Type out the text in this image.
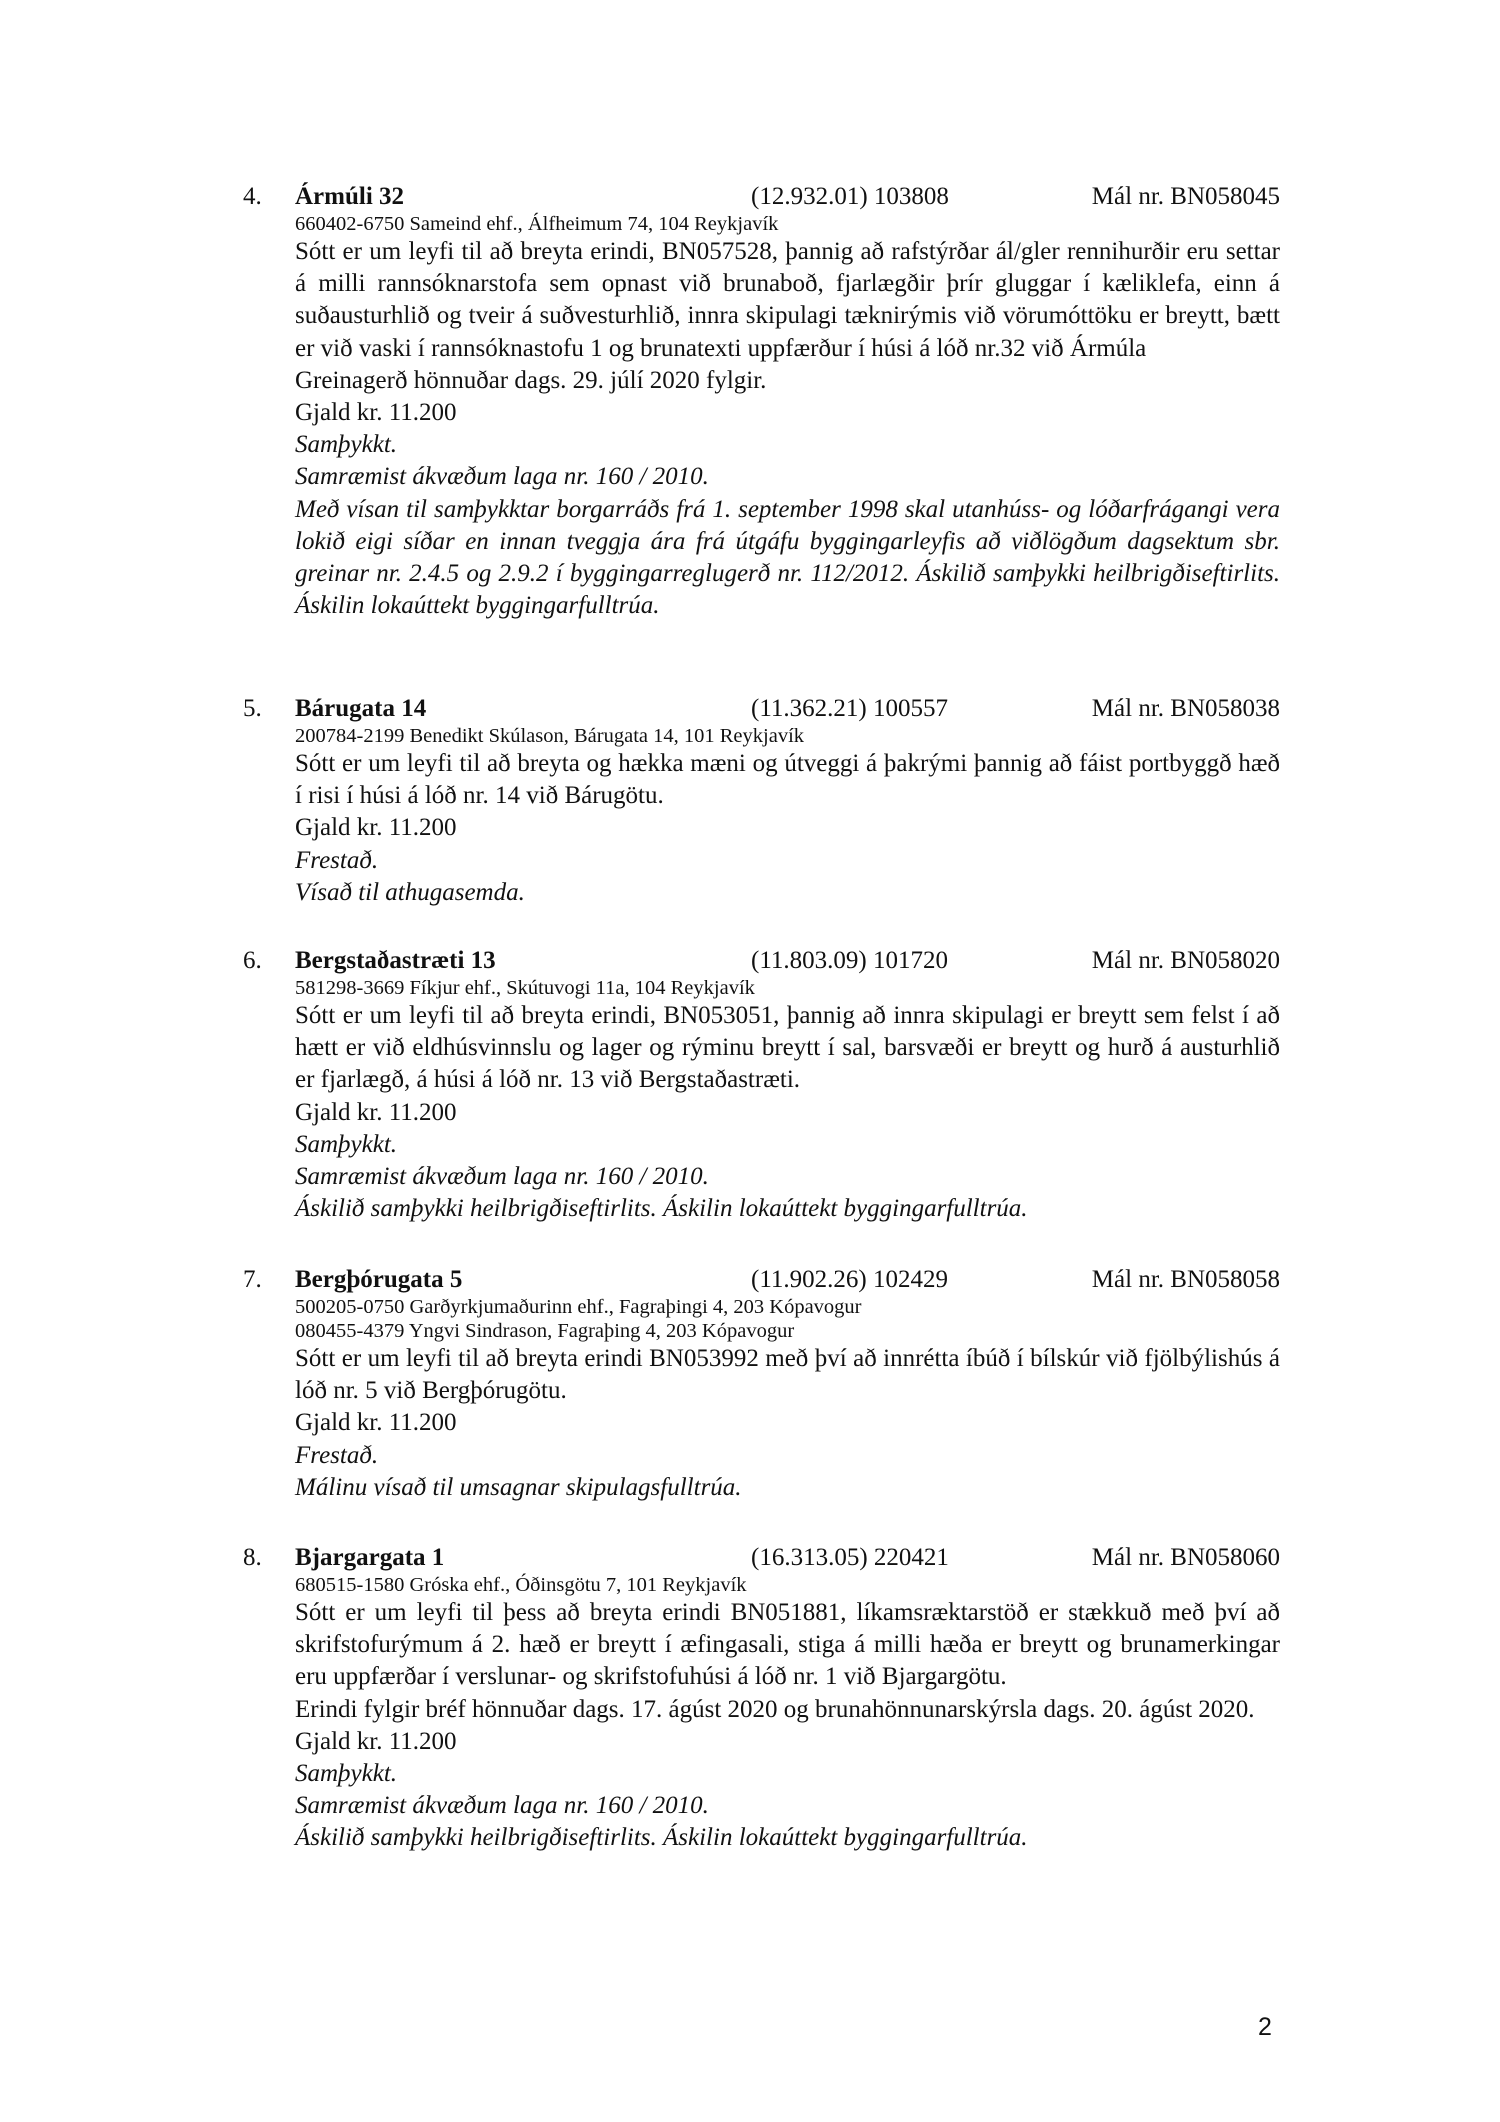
4. Ármúli 32	(12.932.01) 103808	Mál nr. BN058045
660402-6750 Sameind ehf., Álfheimum 74, 104 Reykjavík
Sótt er um leyfi til að breyta erindi, BN057528, þannig að rafstýrðar ál/gler rennihurðir eru settar á milli rannsóknarstofa sem opnast við brunaboð, fjarlægðir þrír gluggar í kæliklefa, einn á suðausturhlið og tveir á suðvesturhlið, innra skipulagi tæknirýmis við vörumóttöku er breytt, bætt er við vaski í rannsóknastofu 1 og brunatexti uppfærður í húsi á lóð nr.32 við Ármúla
Greinagerð hönnuðar dags. 29. júlí 2020 fylgir.
Gjald kr. 11.200
Samþykkt.
Samræmist ákvæðum laga nr. 160 / 2010.
Með vísan til samþykktar borgarráðs frá 1. september 1998 skal utanhúss- og lóðarfrágangi vera lokið eigi síðar en innan tveggja ára frá útgáfu byggingarleyfis að viðlögðum dagsektum sbr. greinar nr. 2.4.5 og 2.9.2 í byggingarreglugerð nr. 112/2012. Áskilið samþykki heilbrigðiseftirlits. Áskilin lokaúttekt byggingarfulltrúa.
5. Bárugata 14	(11.362.21) 100557	Mál nr. BN058038
200784-2199 Benedikt Skúlason, Bárugata 14, 101 Reykjavík
Sótt er um leyfi til að breyta og hækka mæni og útveggi á þakrými þannig að fáist portbyggð hæð í risi í húsi á lóð nr. 14 við Bárugötu.
Gjald kr. 11.200
Frestað.
Vísað til athugasemda.
6. Bergstaðastræti 13	(11.803.09) 101720	Mál nr. BN058020
581298-3669 Fíkjur ehf., Skútuvogi 11a, 104 Reykjavík
Sótt er um leyfi til að breyta erindi, BN053051, þannig að innra skipulagi er breytt sem felst í að hætt er við eldhúsvinnslu og lager og rýminu breytt í sal, barsvæði er breytt og hurð á austurhlið er fjarlægð, á húsi á lóð nr. 13 við Bergstaðastræti.
Gjald kr. 11.200
Samþykkt.
Samræmist ákvæðum laga nr. 160 / 2010.
Áskilið samþykki heilbrigðiseftirlits. Áskilin lokaúttekt byggingarfulltrúa.
7. Bergþórugata 5	(11.902.26) 102429	Mál nr. BN058058
500205-0750 Garðyrkjumaðurinn ehf., Fagraþingi 4, 203 Kópavogur
080455-4379 Yngvi Sindrason, Fagraþing 4, 203 Kópavogur
Sótt er um leyfi til að breyta erindi BN053992 með því að innrétta íbúð í bílskúr við fjölbýlishús á lóð nr. 5 við Bergþórugötu.
Gjald kr. 11.200
Frestað.
Málinu vísað til umsagnar skipulagsfulltrúa.
8. Bjargargata 1	(16.313.05) 220421	Mál nr. BN058060
680515-1580 Gróska ehf., Óðinsgötu 7, 101 Reykjavík
Sótt er um leyfi til þess að breyta erindi BN051881, líkamsræktarstöð er stækkuð með því að skrifstofurýmum á 2. hæð er breytt í æfingasali, stiga á milli hæða er breytt og brunamerkingar eru uppfærðar í verslunar- og skrifstofuhúsi á lóð nr. 1 við Bjargargötu.
Erindi fylgir bréf hönnuðar dags. 17. ágúst 2020 og brunahönnunarskýrsla dags. 20. ágúst 2020.
Gjald kr. 11.200
Samþykkt.
Samræmist ákvæðum laga nr. 160 / 2010.
Áskilið samþykki heilbrigðiseftirlits. Áskilin lokaúttekt byggingarfulltrúa.
2
